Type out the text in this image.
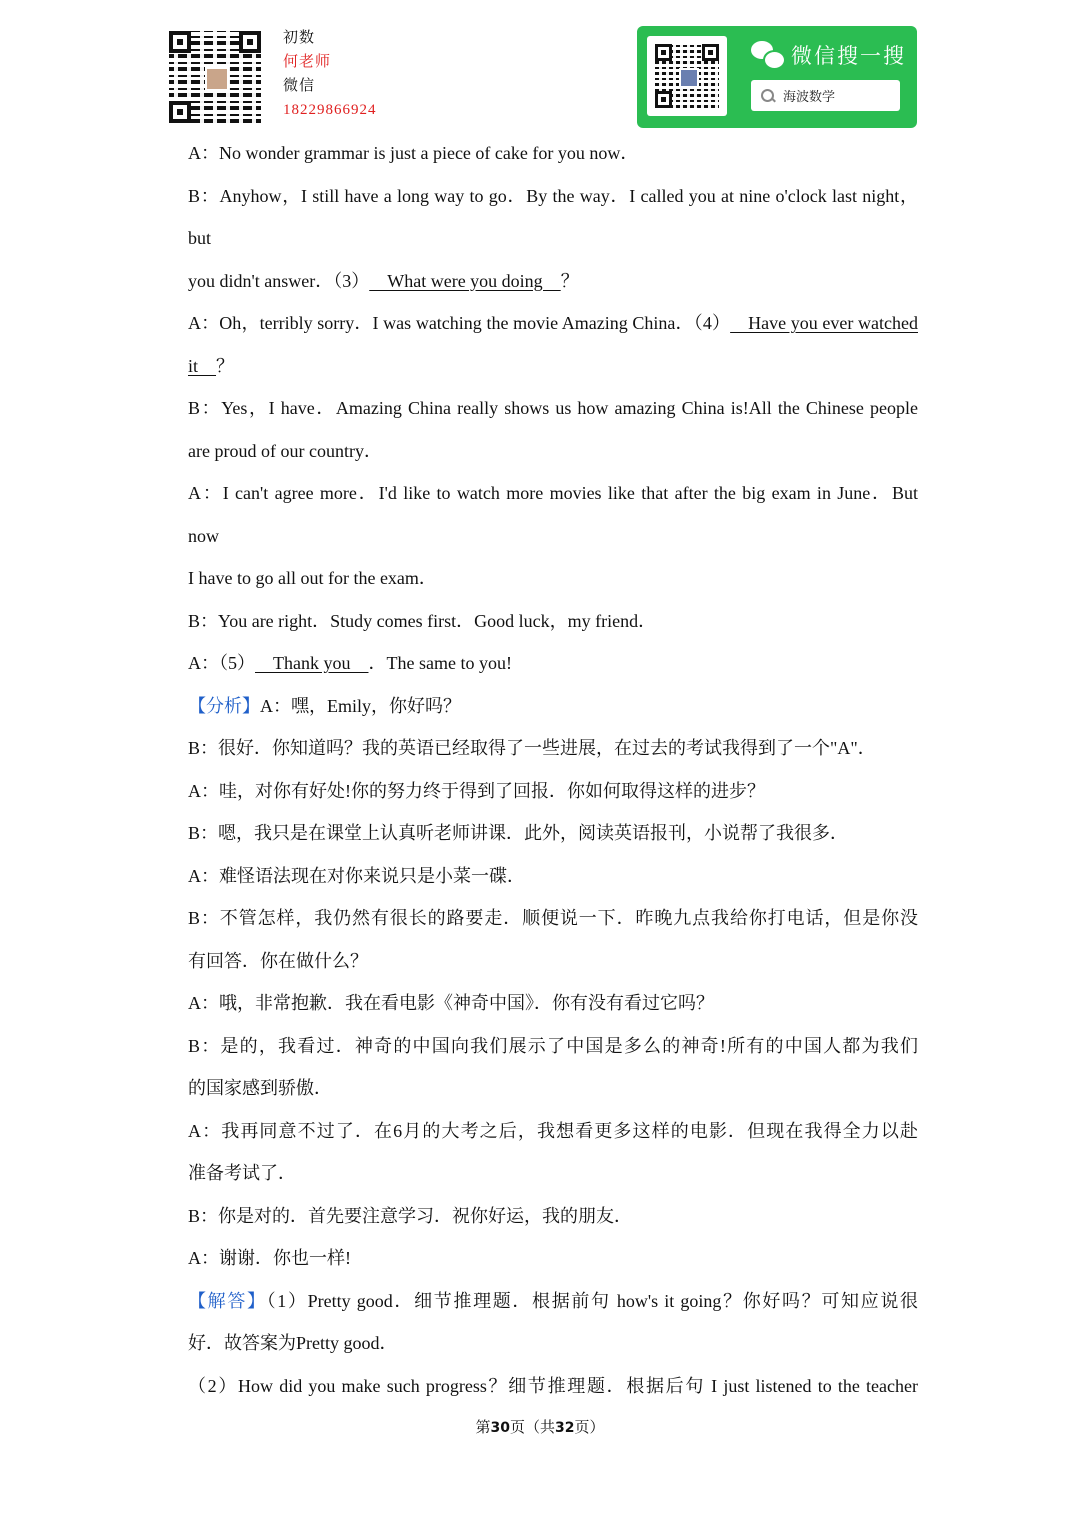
初数
何老师
微信
18229866924
微信搜一搜
海波数学
A：No wonder grammar is just a piece of cake for you now．
B：Anyhow，I still have a long way to go．By the way．I called you at nine o'clock last night，
but
you didn't answer．（3）  What were you doing  ？
A：Oh，terribly sorry．I was watching the movie Amazing China．（4）  Have you ever watched
it  ？
B：Yes，I have．Amazing China really shows us how amazing China is!All the Chinese people
are proud of our country．
A：I can't agree more．I'd like to watch more movies like that after the big exam in June．But
now
I have to go all out for the exam．
B：You are right．Study comes first．Good luck，my friend．
A：（5）  Thank you  ．The same to you!
【分析】A：嘿，Emily，你好吗？
B：很好．你知道吗？我的英语已经取得了一些进展，在过去的考试我得到了一个"A"．
A：哇，对你有好处!你的努力终于得到了回报．你如何取得这样的进步？
B：嗯，我只是在课堂上认真听老师讲课．此外，阅读英语报刊，小说帮了我很多．
A：难怪语法现在对你来说只是小菜一碟．
B：不管怎样，我仍然有很长的路要走．顺便说一下．昨晚九点我给你打电话，但是你没
有回答．你在做什么？
A：哦，非常抱歉．我在看电影《神奇中国》．你有没有看过它吗？
B：是的，我看过．神奇的中国向我们展示了中国是多么的神奇!所有的中国人都为我们
的国家感到骄傲．
A：我再同意不过了．在6月的大考之后，我想看更多这样的电影．但现在我得全力以赴
准备考试了．
B：你是对的．首先要注意学习．祝你好运，我的朋友．
A：谢谢．你也一样!
【解答】（1）Pretty good．细节推理题．根据前句 how's it going？你好吗？可知应说很
好．故答案为Pretty good．
（2）How did you make such progress？细节推理题．根据后句 I just listened to the teacher
第30页（共32页）
